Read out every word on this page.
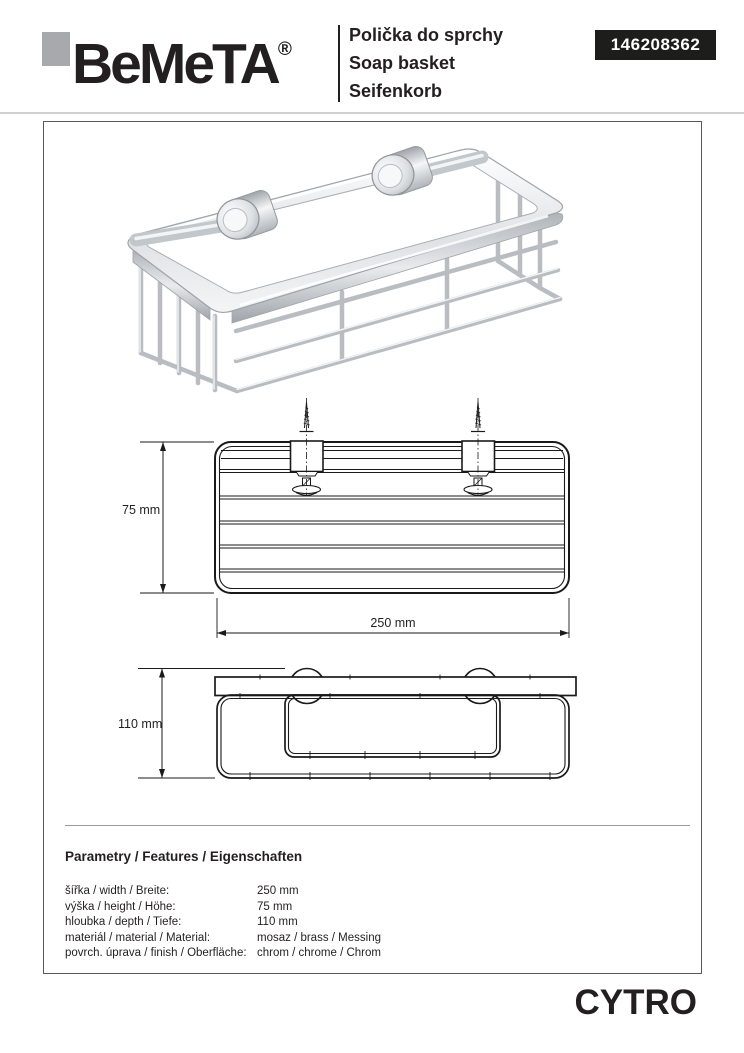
BeMeTA®
Polička do sprchy
Soap basket
Seifenkorb
146208362
75 mm
250 mm
110 mm
Parametry / Features / Eigenschaften
šířka / width / Breite:	250 mm
výška / height / Höhe:	75 mm
hloubka / depth / Tiefe:	110 mm
materiál / material / Material:	mosaz / brass / Messing
povrch. úprava / finish / Oberfläche: chrom / chrome / Chrom
CYTRO
